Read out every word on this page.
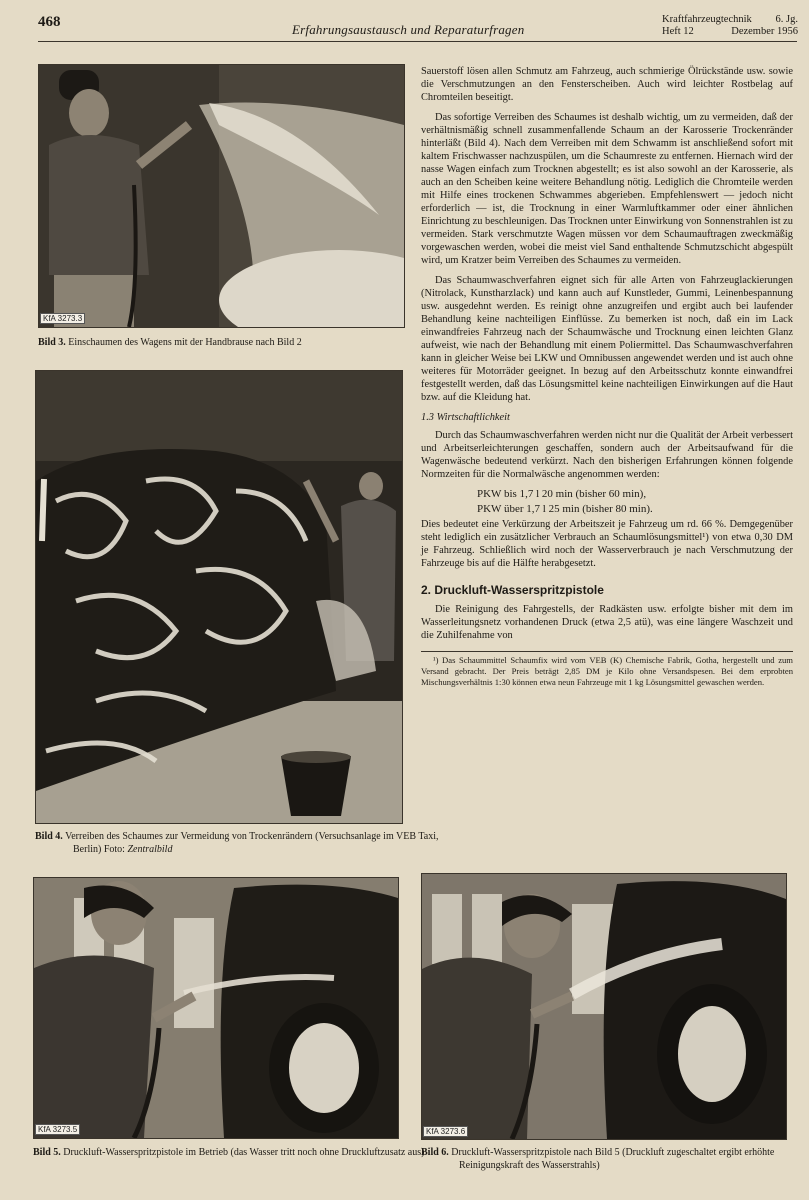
468	Erfahrungsaustausch und Reparaturfragen
Kraftfahrzeugtechnik 6. Jg.
Heft 12	Dezember 1956
KfA 3273.3
Bild 3. Einschaumen des Wagens mit der Handbrause nach Bild 2
Bild 4. Verreiben des Schaumes zur Vermeidung von Trockenrändern (Versuchsanlage im VEB Taxi, Berlin) Foto: Zentralbild
KfA 3273.5
Bild 5. Druckluft-Wasserspritzpistole im Betrieb (das Wasser tritt noch ohne Druckluftzusatz aus)
KfA 3273.6
Bild 6. Druckluft-Wasserspritzpistole nach Bild 5 (Druckluft zugeschaltet ergibt erhöhte Reinigungskraft des Wasserstrahls)

Sauerstoff lösen allen Schmutz am Fahrzeug, auch schmierige Ölrückstände usw. sowie die Verschmutzungen an den Fensterscheiben. Auch wird leichter Rostbelag auf Chromteilen beseitigt.

Das sofortige Verreiben des Schaumes ist deshalb wichtig, um zu vermeiden, daß der verhältnismäßig schnell zusammenfallende Schaum an der Karosserie Trockenränder hinterläßt (Bild 4). Nach dem Verreiben mit dem Schwamm ist anschließend sofort mit kaltem Frischwasser nachzuspülen, um die Schaumreste zu entfernen. Hiernach wird der nasse Wagen einfach zum Trocknen abgestellt; es ist also sowohl an der Karosserie, als auch an den Scheiben keine weitere Behandlung nötig. Lediglich die Chromteile werden mit Hilfe eines trockenen Schwammes abgerieben. Empfehlenswert — jedoch nicht erforderlich — ist, die Trocknung in einer Warmluftkammer oder einer ähnlichen Einrichtung zu beschleunigen. Das Trocknen unter Einwirkung von Sonnenstrahlen ist zu vermeiden. Stark verschmutzte Wagen müssen vor dem Schaumauftragen zweckmäßig vorgewaschen werden, wobei die meist viel Sand enthaltende Schmutzschicht abgespült wird, um Kratzer beim Verreiben des Schaumes zu vermeiden.

Das Schaumwaschverfahren eignet sich für alle Arten von Fahrzeuglackierungen (Nitrolack, Kunstharzlack) und kann auch auf Kunstleder, Gummi, Leinenbespannung usw. ausgedehnt werden. Es reinigt ohne anzugreifen und ergibt auch bei laufender Behandlung keine nachteiligen Einflüsse. Zu bemerken ist noch, daß ein im Lack einwandfreies Fahrzeug nach der Schaumwäsche und Trocknung einen leichten Glanz aufweist, wie nach der Behandlung mit einem Poliermittel. Das Schaumwaschverfahren kann in gleicher Weise bei LKW und Omnibussen angewendet werden und ist auch ohne weiteres für Motorräder geeignet. In bezug auf den Arbeitsschutz konnte einwandfrei festgestellt werden, daß das Lösungsmittel keine nachteiligen Einwirkungen auf die Haut bzw. auf die Kleidung hat.

1.3 Wirtschaftlichkeit

Durch das Schaumwaschverfahren werden nicht nur die Qualität der Arbeit verbessert und Arbeitserleichterungen geschaffen, sondern auch der Arbeitsaufwand für die Wagenwäsche bedeutend verkürzt. Nach den bisherigen Erfahrungen können folgende Normzeiten für die Normalwäsche angenommen werden:

PKW bis 1,7 l 20 min (bisher 60 min),

PKW über 1,7 l 25 min (bisher 80 min).

Dies bedeutet eine Verkürzung der Arbeitszeit je Fahrzeug um rd. 66 %. Demgegenüber steht lediglich ein zusätzlicher Verbrauch an Schaumlösungsmittel¹) von etwa 0,30 DM je Fahrzeug. Schließlich wird noch der Wasserverbrauch je nach Verschmutzung der Fahrzeuge bis auf die Hälfte herabgesetzt.

2. Druckluft-Wasserspritzpistole

Die Reinigung des Fahrgestells, der Radkästen usw. erfolgte bisher mit dem im Wasserleitungsnetz vorhandenen Druck (etwa 2,5 atü), was eine längere Waschzeit und die Zuhilfenahme von

¹) Das Schaummittel Schaumfix wird vom VEB (K) Chemische Fabrik, Gotha, hergestellt und zum Versand gebracht. Der Preis beträgt 2,85 DM je Kilo ohne Versandspesen. Bei dem erprobten Mischungsverhältnis 1:30 können etwa neun Fahrzeuge mit 1 kg Lösungsmittel gewaschen werden.
